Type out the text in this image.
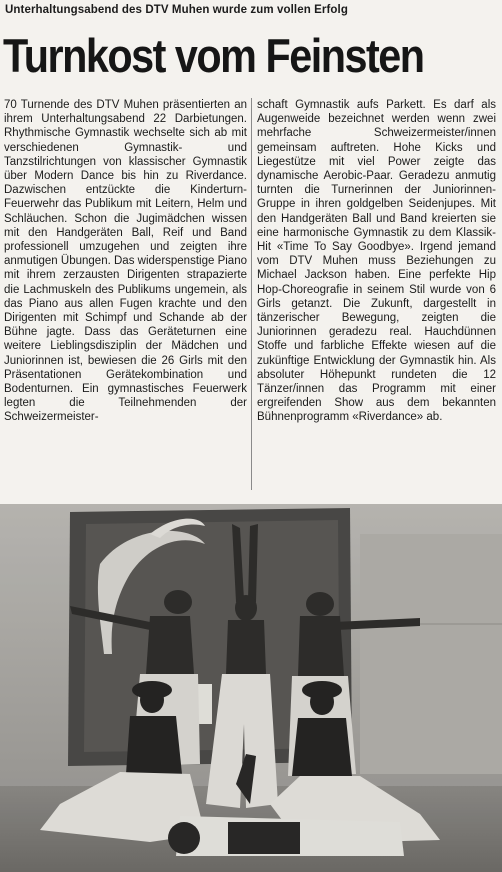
Unterhaltungsabend des DTV Muhen wurde zum vollen Erfolg
Turnkost vom Feinsten
70 Turnende des DTV Muhen präsentierten an ihrem Unterhaltungsabend 22 Darbietungen. Rhythmische Gymnastik wechselte sich ab mit verschiedenen Gymnastik- und Tanzstilrichtungen von klassischer Gymnastik über Modern Dance bis hin zu Riverdance. Dazwischen entzückte die Kinderturn-Feuerwehr das Publikum mit Leitern, Helm und Schläuchen. Schon die Jugimädchen wissen mit den Handgeräten Ball, Reif und Band professionell umzugehen und zeigten ihre anmutigen Übungen. Das widerspenstige Piano mit ihrem zerzausten Dirigenten strapazierte die Lachmuskeln des Publikums ungemein, als das Piano aus allen Fugen krachte und den Dirigenten mit Schimpf und Schande ab der Bühne jagte. Dass das Geräteturnen eine weitere Lieblingsdisziplin der Mädchen und Juniorinnen ist, bewiesen die 26 Girls mit den Präsentationen Gerätekombination und Bodenturnen. Ein gymnastisches Feuerwerk legten die Teilnehmenden der Schweizermeister-
schaft Gymnastik aufs Parkett. Es darf als Augenweide bezeichnet werden wenn zwei mehrfache Schweizermeister/innen gemeinsam auftreten. Hohe Kicks und Liegestütze mit viel Power zeigte das dynamische Aerobic-Paar. Geradezu anmutig turnten die Turnerinnen der Juniorinnen-Gruppe in ihren goldgelben Seidenjupes. Mit den Handgeräten Ball und Band kreierten sie eine harmonische Gymnastik zu dem Klassik-Hit «Time To Say Goodbye». Irgend jemand vom DTV Muhen muss Beziehungen zu Michael Jackson haben. Eine perfekte Hip Hop-Choreografie in seinem Stil wurde von 6 Girls getanzt. Die Zukunft, dargestellt in tänzerischer Bewegung, zeigten die Juniorinnen geradezu real. Hauchdünnen Stoffe und farbliche Effekte wiesen auf die zukünftige Entwicklung der Gymnastik hin. Als absoluter Höhepunkt rundeten die 12 Tänzer/innen das Programm mit einer ergreifenden Show aus dem bekannten Bühnenprogramm «Riverdance» ab.
